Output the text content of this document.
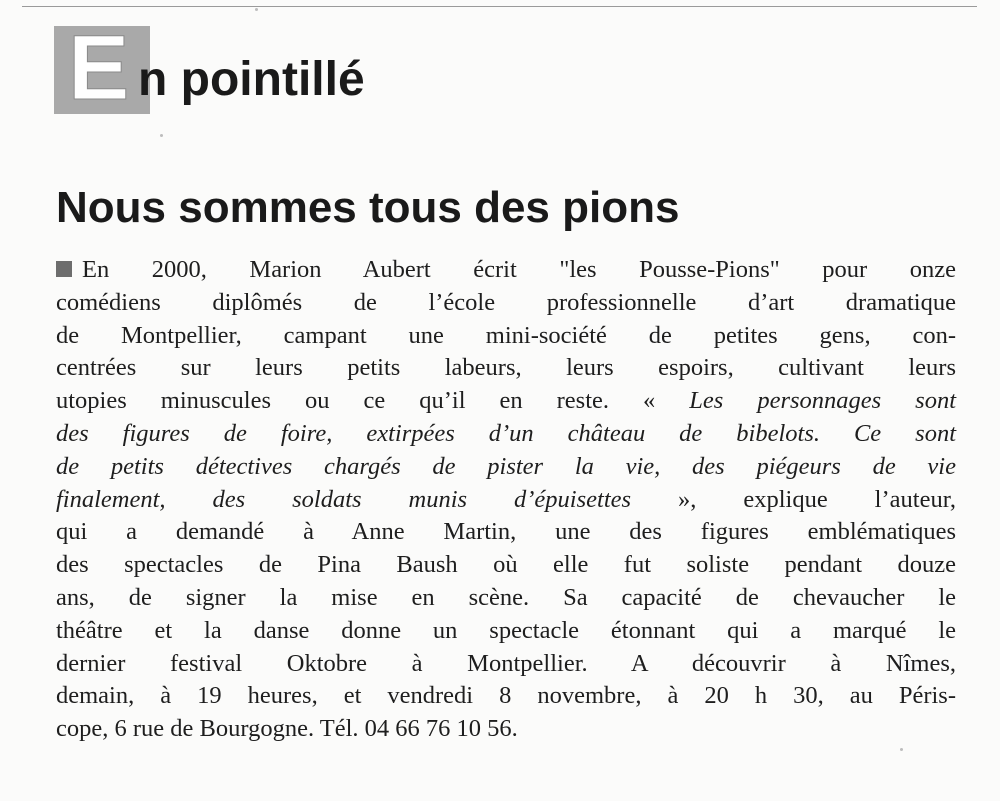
E n pointillé
Nous sommes tous des pions
En 2000, Marion Aubert écrit "les Pousse-Pions" pour onze
comédiens diplômés de l’école professionnelle d’art dramatique
de Montpellier, campant une mini-société de petites gens, con-
centrées sur leurs petits labeurs, leurs espoirs, cultivant leurs
utopies minuscules ou ce qu’il en reste. « Les personnages sont
des figures de foire, extirpées d’un château de bibelots. Ce sont
de petits détectives chargés de pister la vie, des piégeurs de vie
finalement, des soldats munis d’épuisettes », explique l’auteur,
qui a demandé à Anne Martin, une des figures emblématiques
des spectacles de Pina Baush où elle fut soliste pendant douze
ans, de signer la mise en scène. Sa capacité de chevaucher le
théâtre et la danse donne un spectacle étonnant qui a marqué le
dernier festival Oktobre à Montpellier. A découvrir à Nîmes,
demain, à 19 heures, et vendredi 8 novembre, à 20 h 30, au Péris-
cope, 6 rue de Bourgogne. Tél. 04 66 76 10 56.
